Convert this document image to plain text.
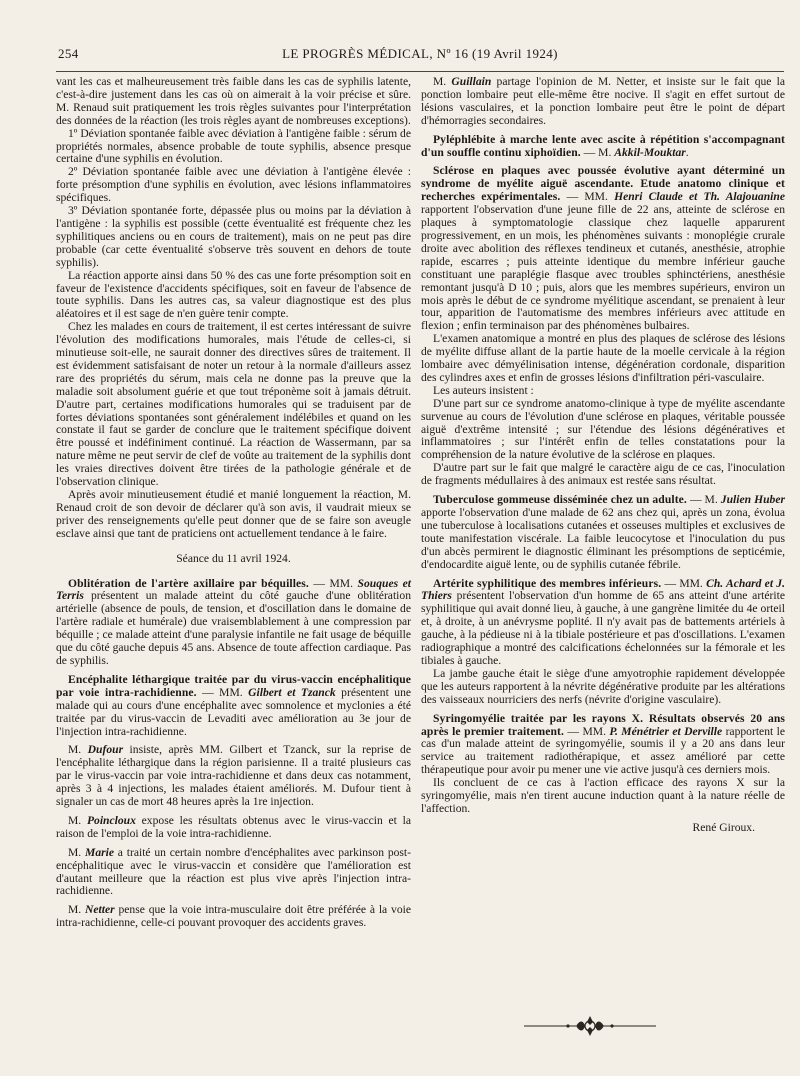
254	LE PROGRÈS MÉDICAL, Nº 16 (19 Avril 1924)

vant les cas et malheureusement très faible dans les cas de syphilis latente, c'est-à-dire justement dans les cas où on aimerait à la voir précise et sûre. M. Renaud suit pratiquement les trois règles suivantes pour l'interprétation des données de la réaction (les trois règles ayant de nombreuses exceptions).

1º Déviation spontanée faible avec déviation à l'antigène faible : sérum de propriétés normales, absence probable de toute syphilis, absence presque certaine d'une syphilis en évolution.

2º Déviation spontanée faible avec une déviation à l'antigène élevée : forte présomption d'une syphilis en évolution, avec lésions inflammatoires spécifiques.

3º Déviation spontanée forte, dépassée plus ou moins par la déviation à l'antigène : la syphilis est possible (cette éventualité est fréquente chez les syphilitiques anciens ou en cours de traitement), mais on ne peut pas dire probable (car cette éventualité s'observe très souvent en dehors de toute syphilis).

La réaction apporte ainsi dans 50 % des cas une forte présomption soit en faveur de l'existence d'accidents spécifiques, soit en faveur de l'absence de toute syphilis. Dans les autres cas, sa valeur diagnostique est des plus aléatoires et il est sage de n'en guère tenir compte.

Chez les malades en cours de traitement, il est certes intéressant de suivre l'évolution des modifications humorales, mais l'étude de celles-ci, si minutieuse soit-elle, ne saurait donner des directives sûres de traitement. Il est évidemment satisfaisant de noter un retour à la normale d'ailleurs assez rare des propriétés du sérum, mais cela ne donne pas la preuve que la maladie soit absolument guérie et que tout tréponème soit à jamais détruit. D'autre part, certaines modifications humorales qui se traduisent par de fortes déviations spontanées sont généralement indélébiles et quand on les constate il faut se garder de conclure que le traitement spécifique doivent être poussé et indéfiniment continué. La réaction de Wassermann, par sa nature même ne peut servir de clef de voûte au traitement de la syphilis dont les vraies directives doivent être tirées de la pathologie générale et de l'observation clinique.

Après avoir minutieusement étudié et manié longuement la réaction, M. Renaud croit de son devoir de déclarer qu'à son avis, il vaudrait mieux se priver des renseignements qu'elle peut donner que de se faire son aveugle esclave ainsi que tant de praticiens ont actuellement tendance à le faire.

Séance du 11 avril 1924.

Oblitération de l'artère axillaire par béquilles. — MM. Souques et Terris présentent un malade atteint du côté gauche d'une oblitération artérielle (absence de pouls, de tension, et d'oscillation dans le domaine de l'artère radiale et humérale) due vraisemblablement à une compression par béquille ; ce malade atteint d'une paralysie infantile ne fait usage de béquille que du côté gauche depuis 45 ans. Absence de toute affection cardiaque. Pas de syphilis.

Encéphalite léthargique traitée par du virus-vaccin encéphalitique par voie intra-rachidienne. — MM. Gilbert et Tzanck présentent une malade qui au cours d'une encéphalite avec somnolence et myclonies a été traitée par du virus-vaccin de Levaditi avec amélioration au 3e jour de l'injection intra-rachidienne.

M. Dufour insiste, après MM. Gilbert et Tzanck, sur la reprise de l'encéphalite léthargique dans la région parisienne. Il a traité plusieurs cas par le virus-vaccin par voie intra-rachidienne et dans deux cas notamment, après 3 à 4 injections, les malades étaient améliorés. M. Dufour tient à signaler un cas de mort 48 heures après la 1re injection.

M. Poincloux expose les résultats obtenus avec le virus-vaccin et la raison de l'emploi de la voie intra-rachidienne.

M. Marie a traité un certain nombre d'encéphalites avec parkinson post-encéphalitique avec le virus-vaccin et considère que l'amélioration est d'autant meilleure que la réaction est plus vive après l'injection intra-rachidienne.

M. Netter pense que la voie intra-musculaire doit être préférée à la voie intra-rachidienne, celle-ci pouvant provoquer des accidents graves.

M. Guillain partage l'opinion de M. Netter, et insiste sur le fait que la ponction lombaire peut elle-même être nocive. Il s'agit en effet surtout de lésions vasculaires, et la ponction lombaire peut être le point de départ d'hémorragies secondaires.

Pyléphlébite à marche lente avec ascite à répétition s'accompagnant d'un souffle continu xiphoïdien. — M. Akkil-Mouktar.

Sclérose en plaques avec poussée évolutive ayant déterminé un syndrome de myélite aiguë ascendante. Etude anatomo clinique et recherches expérimentales. — MM. Henri Claude et Th. Alajouanine rapportent l'observation d'une jeune fille de 22 ans, atteinte de sclérose en plaques à symptomatologie classique chez laquelle apparurent progressivement, en un mois, les phénomènes suivants : monoplégie crurale droite avec abolition des réflexes tendineux et cutanés, anesthésie, atrophie rapide, escarres ; puis atteinte identique du membre inférieur gauche constituant une paraplégie flasque avec troubles sphinctériens, anesthésie remontant jusqu'à D 10 ; puis, alors que les membres supérieurs, environ un mois après le début de ce syndrome myélitique ascendant, se prenaient à leur tour, apparition de l'automatisme des membres inférieurs avec attitude en flexion ; enfin terminaison par des phénomènes bulbaires.

L'examen anatomique a montré en plus des plaques de sclérose des lésions de myélite diffuse allant de la partie haute de la moelle cervicale à la région lombaire avec démyélinisation intense, dégénération cordonale, disparition des cylindres axes et enfin de grosses lésions d'infiltration péri-vasculaire.

Les auteurs insistent :

D'une part sur ce syndrome anatomo-clinique à type de myélite ascendante survenue au cours de l'évolution d'une sclérose en plaques, véritable poussée aiguë d'extrême intensité ; sur l'étendue des lésions dégénératives et inflammatoires ; sur l'intérêt enfin de telles constatations pour la compréhension de la nature évolutive de la sclérose en plaques.

D'autre part sur le fait que malgré le caractère aigu de ce cas, l'inoculation de fragments médullaires à des animaux est restée sans résultat.

Tuberculose gommeuse disséminée chez un adulte. — M. Julien Huber apporte l'observation d'une malade de 62 ans chez qui, après un zona, évolua une tuberculose à localisations cutanées et osseuses multiples et exclusives de toute manifestation viscérale. La faible leucocytose et l'inoculation du pus d'un abcès permirent le diagnostic éliminant les présomptions de septicémie, d'endocardite aiguë lente, ou de syphilis cutanée fébrile.

Artérite syphilitique des membres inférieurs. — MM. Ch. Achard et J. Thiers présentent l'observation d'un homme de 65 ans atteint d'une artérite syphilitique qui avait donné lieu, à gauche, à une gangrène limitée du 4e orteil et, à droite, à un anévrysme poplité. Il n'y avait pas de battements artériels à gauche, à la pédieuse ni à la tibiale postérieure et pas d'oscillations. L'examen radiographique a montré des calcifications échelonnées sur la fémorale et les tibiales à gauche.

La jambe gauche était le siège d'une amyotrophie rapidement développée que les auteurs rapportent à la névrite dégénérative produite par les altérations des vaisseaux nourriciers des nerfs (névrite d'origine vasculaire).

Syringomyélie traitée par les rayons X. Résultats observés 20 ans après le premier traitement. — MM. P. Ménétrier et Derville rapportent le cas d'un malade atteint de syringomyélie, soumis il y a 20 ans dans leur service au traitement radiothérapique, et assez amélioré par cette thérapeutique pour avoir pu mener une vie active jusqu'à ces derniers mois.

Ils concluent de ce cas à l'action efficace des rayons X sur la syringomyélie, mais n'en tirent aucune induction quant à la nature réelle de l'affection.

René Giroux.
